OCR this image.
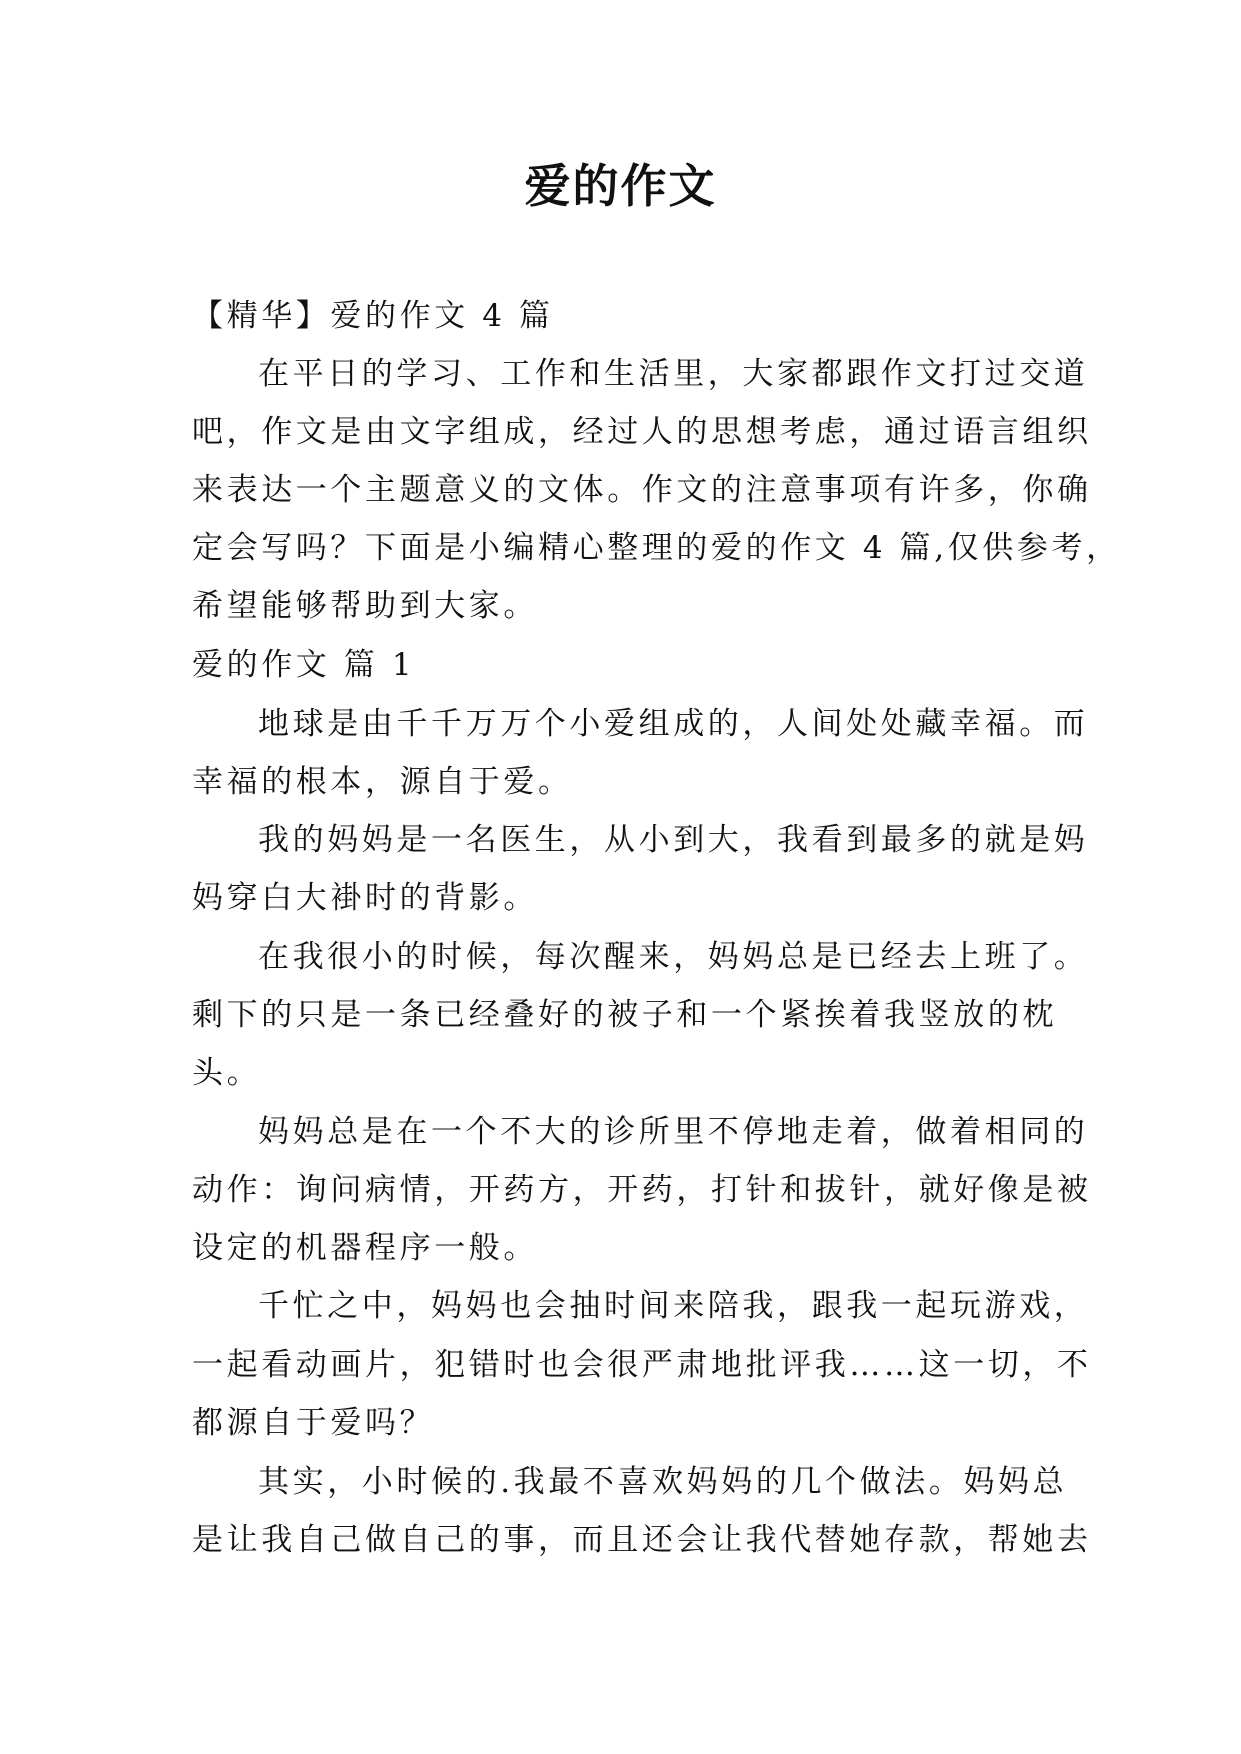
爱的作文
【精华】爱的作文 4 篇
在平日的学习、工作和生活里，大家都跟作文打过交道
吧，作文是由文字组成，经过人的思想考虑，通过语言组织
来表达一个主题意义的文体。作文的注意事项有许多，你确
定会写吗？下面是小编精心整理的爱的作文 4 篇,仅供参考，
希望能够帮助到大家。
爱的作文 篇 1
地球是由千千万万个小爱组成的，人间处处藏幸福。而
幸福的根本，源自于爱。
我的妈妈是一名医生，从小到大，我看到最多的就是妈
妈穿白大褂时的背影。
在我很小的时候，每次醒来，妈妈总是已经去上班了。
剩下的只是一条已经叠好的被子和一个紧挨着我竖放的枕
头。
妈妈总是在一个不大的诊所里不停地走着，做着相同的
动作：询问病情，开药方，开药，打针和拔针，就好像是被
设定的机器程序一般。
千忙之中，妈妈也会抽时间来陪我，跟我一起玩游戏，
一起看动画片，犯错时也会很严肃地批评我……这一切，不
都源自于爱吗？
其实，小时候的.我最不喜欢妈妈的几个做法。妈妈总
是让我自己做自己的事，而且还会让我代替她存款，帮她去
